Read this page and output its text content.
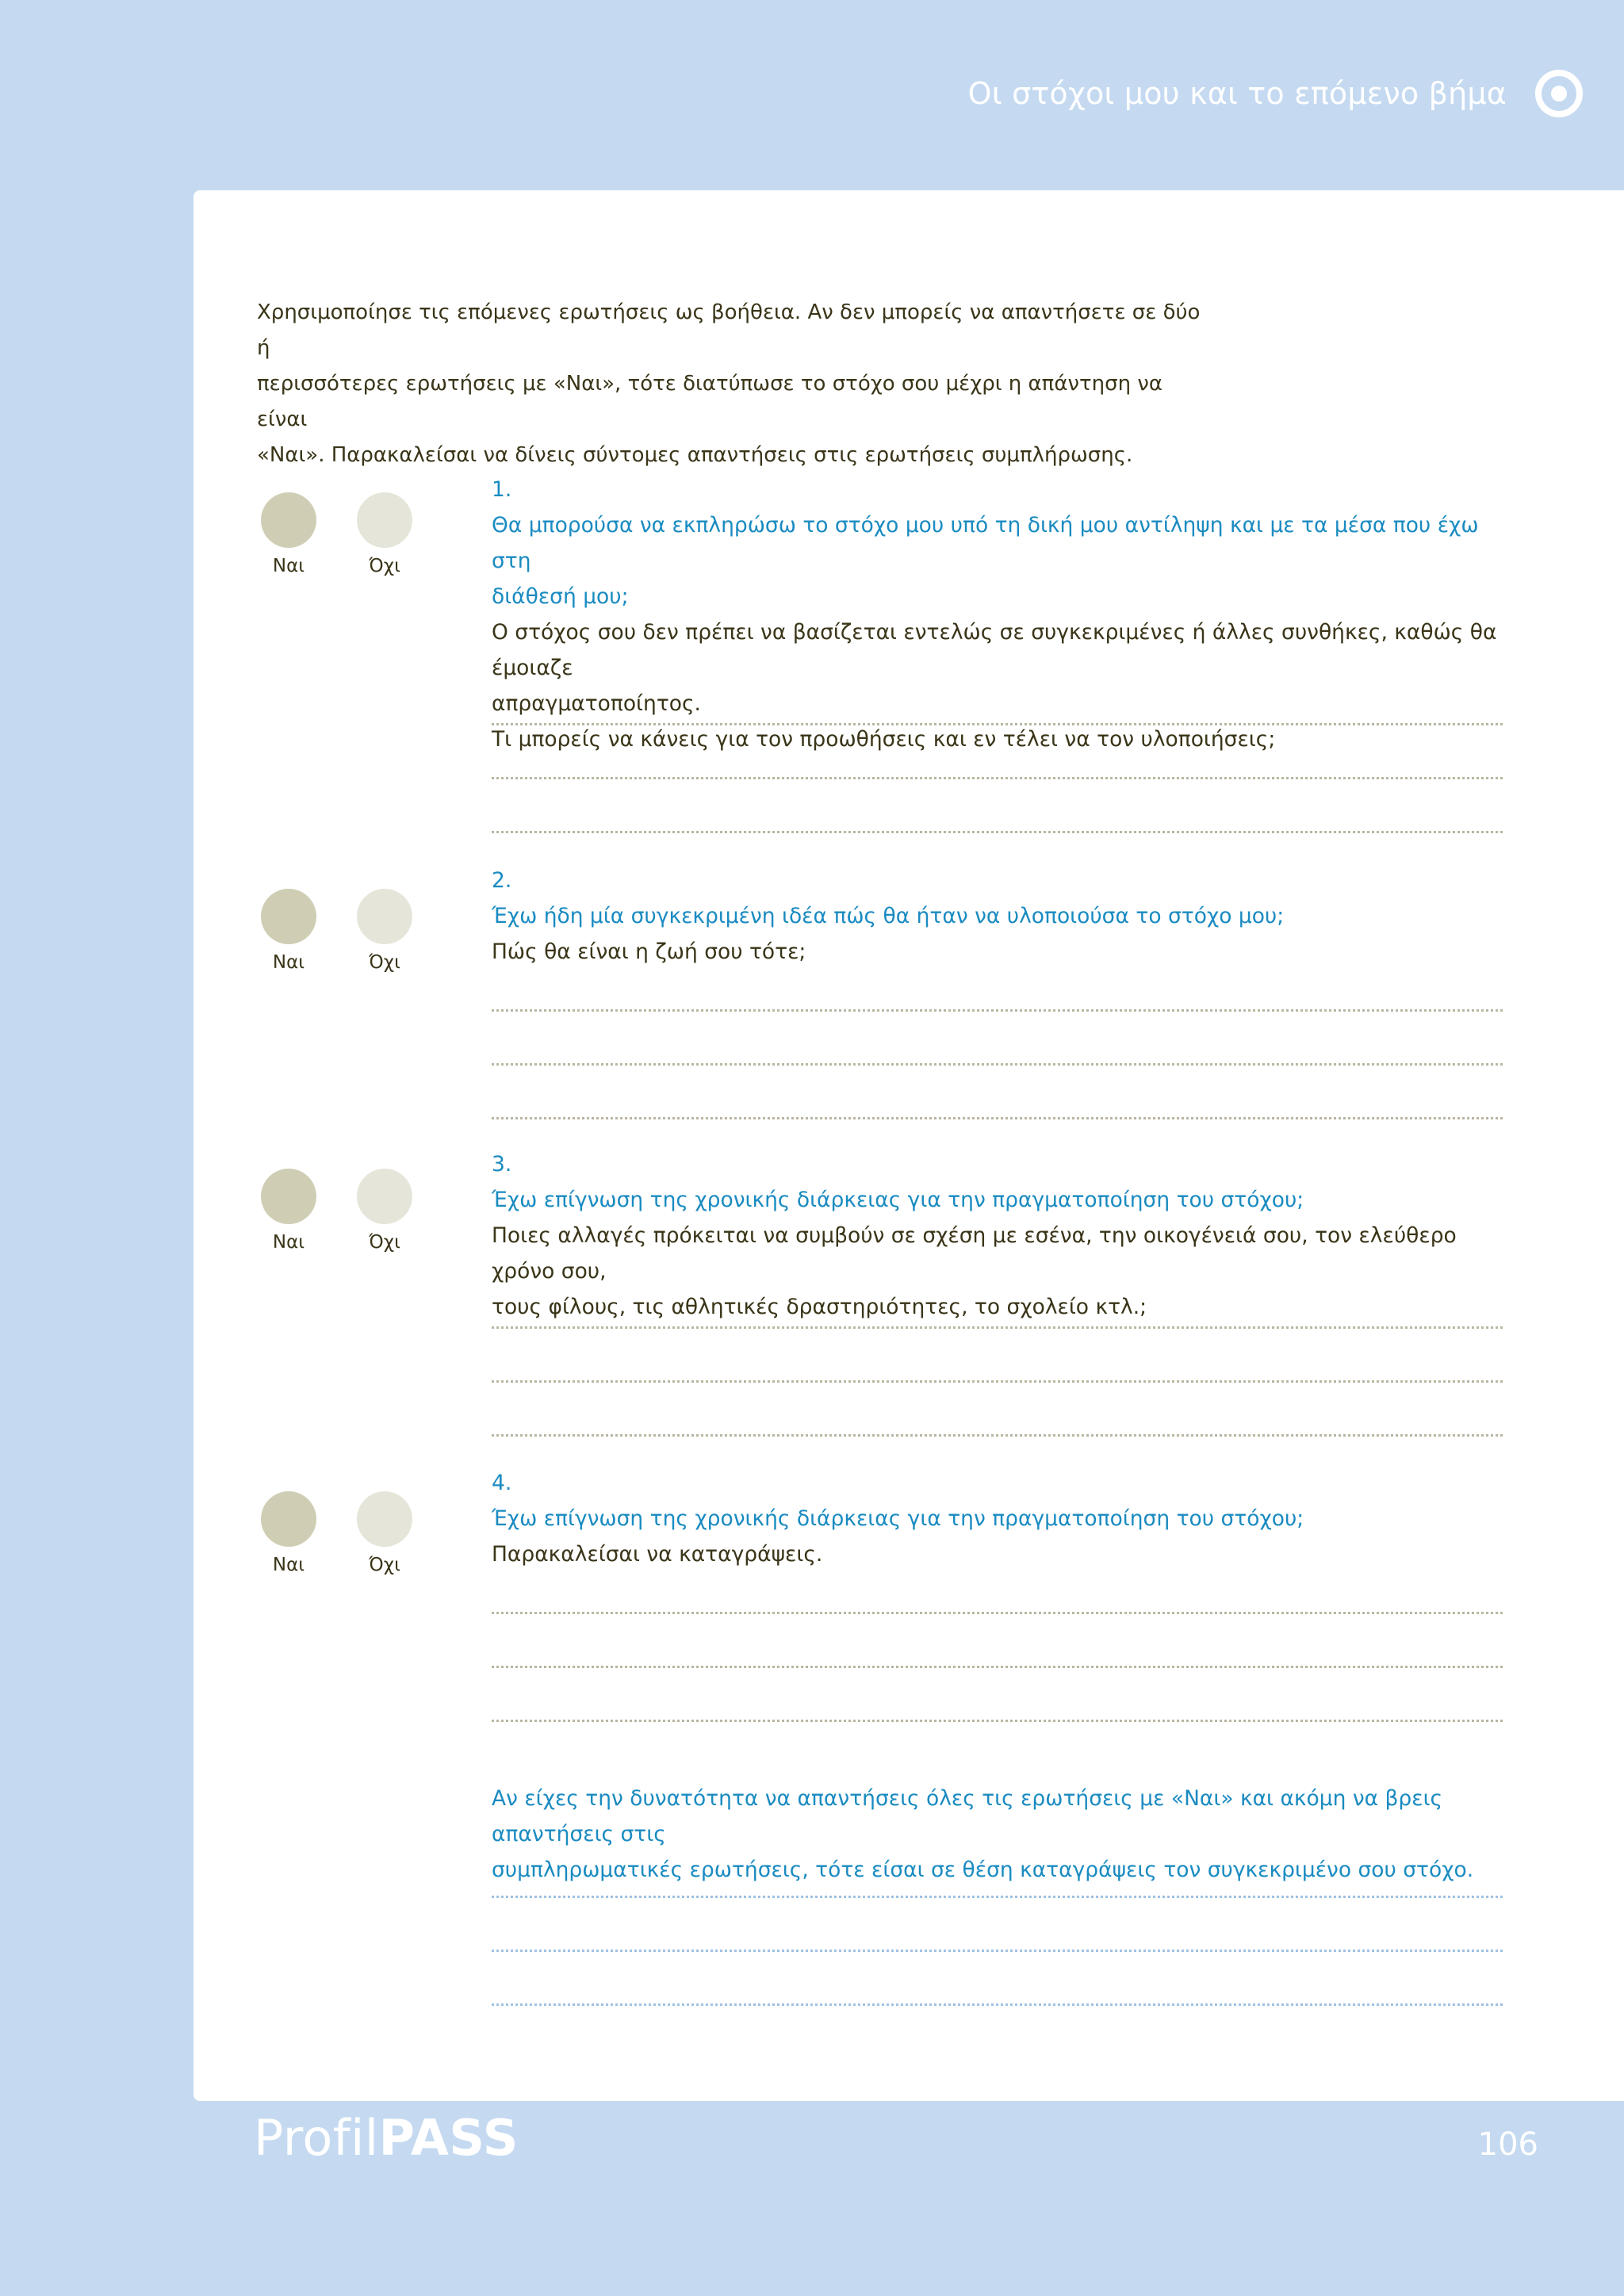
Οι στόχοι μου και το επόμενο βήμα

Χρησιμοποίησε τις επόμενες ερωτήσεις ως βοήθεια. Αν δεν μπορείς να απαντήσετε σε δύο ή

περισσότερες ερωτήσεις με «Ναι», τότε διατύπωσε το στόχο σου μέχρι η απάντηση να είναι

«Ναι». Παρακαλείσαι να δίνεις σύντομες απαντήσεις στις ερωτήσεις συμπλήρωσης.

Ναι	Όχι

1.

Θα μπορούσα να εκπληρώσω το στόχο μου υπό τη δική μου αντίληψη και με τα μέσα που έχω στη

διάθεσή μου;

Ο στόχος σου δεν πρέπει να βασίζεται εντελώς σε συγκεκριμένες ή άλλες συνθήκες, καθώς θα έμοιαζε

απραγματοποίητος.

Τι μπορείς να κάνεις για τον προωθήσεις και εν τέλει να τον υλοποιήσεις;

Ναι	Όχι

2.

Έχω ήδη μία συγκεκριμένη ιδέα πώς θα ήταν να υλοποιούσα το στόχο μου;

Πώς θα είναι η ζωή σου τότε;

Ναι	Όχι

3.

Έχω επίγνωση της χρονικής διάρκειας για την πραγματοποίηση του στόχου;

Ποιες αλλαγές πρόκειται να συμβούν σε σχέση με εσένα, την οικογένειά σου, τον ελεύθερο χρόνο σου,

τους φίλους, τις αθλητικές δραστηριότητες, το σχολείο κτλ.;

Ναι	Όχι

4.

Έχω επίγνωση της χρονικής διάρκειας για την πραγματοποίηση του στόχου;

Παρακαλείσαι να καταγράψεις.

Αν είχες την δυνατότητα να απαντήσεις όλες τις ερωτήσεις με «Ναι» και ακόμη να βρεις απαντήσεις στις

συμπληρωματικές ερωτήσεις, τότε είσαι σε θέση καταγράψεις τον συγκεκριμένο σου στόχο.

ProfilPASS	106
